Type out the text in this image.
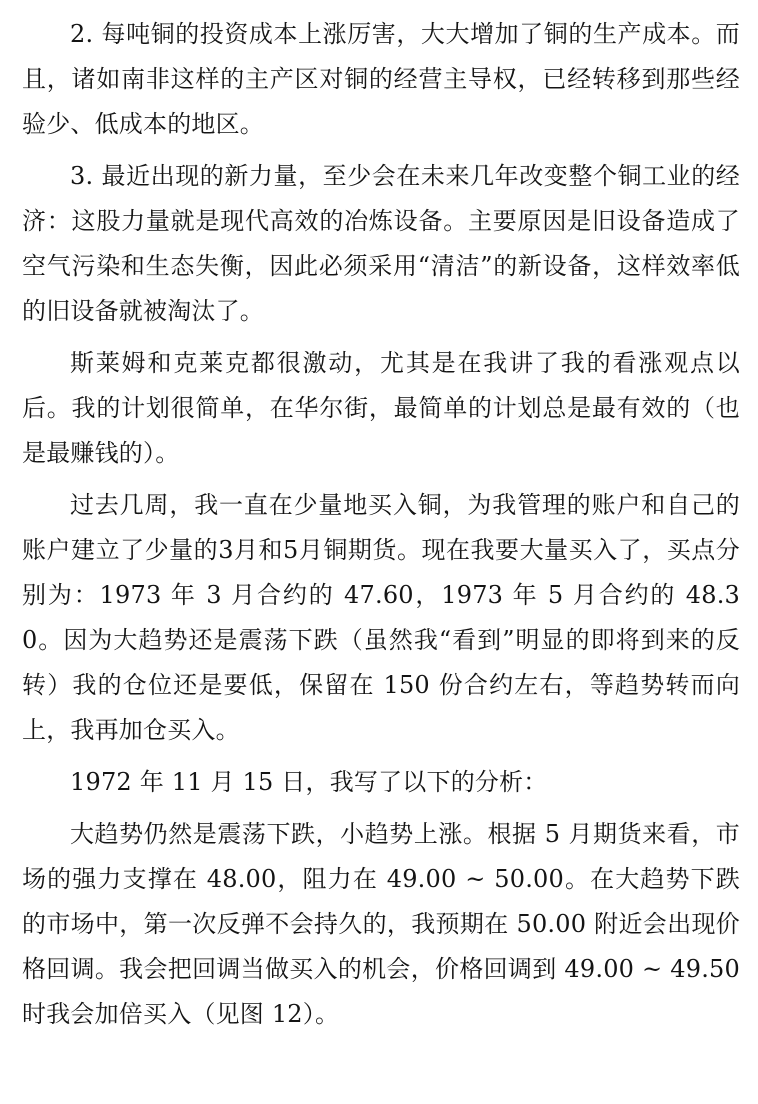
2. 每吨铜的投资成本上涨厉害，大大增加了铜的生产成本。而且，诸如南非这样的主产区对铜的经营主导权，已经转移到那些经验少、低成本的地区。

3. 最近出现的新力量，至少会在未来几年改变整个铜工业的经济：这股力量就是现代高效的冶炼设备。主要原因是旧设备造成了空气污染和生态失衡，因此必须采用“清洁”的新设备，这样效率低的旧设备就被淘汰了。

斯莱姆和克莱克都很激动，尤其是在我讲了我的看涨观点以后。我的计划很简单，在华尔街，最简单的计划总是最有效的（也是最赚钱的）。

过去几周，我一直在少量地买入铜，为我管理的账户和自己的账户建立了少量的3月和5月铜期货。现在我要大量买入了，买点分别为：1973 年 3 月合约的 47.60，1973 年 5 月合约的 48.30。因为大趋势还是震荡下跌（虽然我“看到”明显的即将到来的反转）我的仓位还是要低，保留在 150 份合约左右，等趋势转而向上，我再加仓买入。

1972 年 11 月 15 日，我写了以下的分析：

大趋势仍然是震荡下跌，小趋势上涨。根据 5 月期货来看，市场的强力支撑在 48.00，阻力在 49.00 ~ 50.00。在大趋势下跌的市场中，第一次反弹不会持久的，我预期在 50.00 附近会出现价格回调。我会把回调当做买入的机会，价格回调到 49.00 ~ 49.50 时我会加倍买入（见图 12）。
